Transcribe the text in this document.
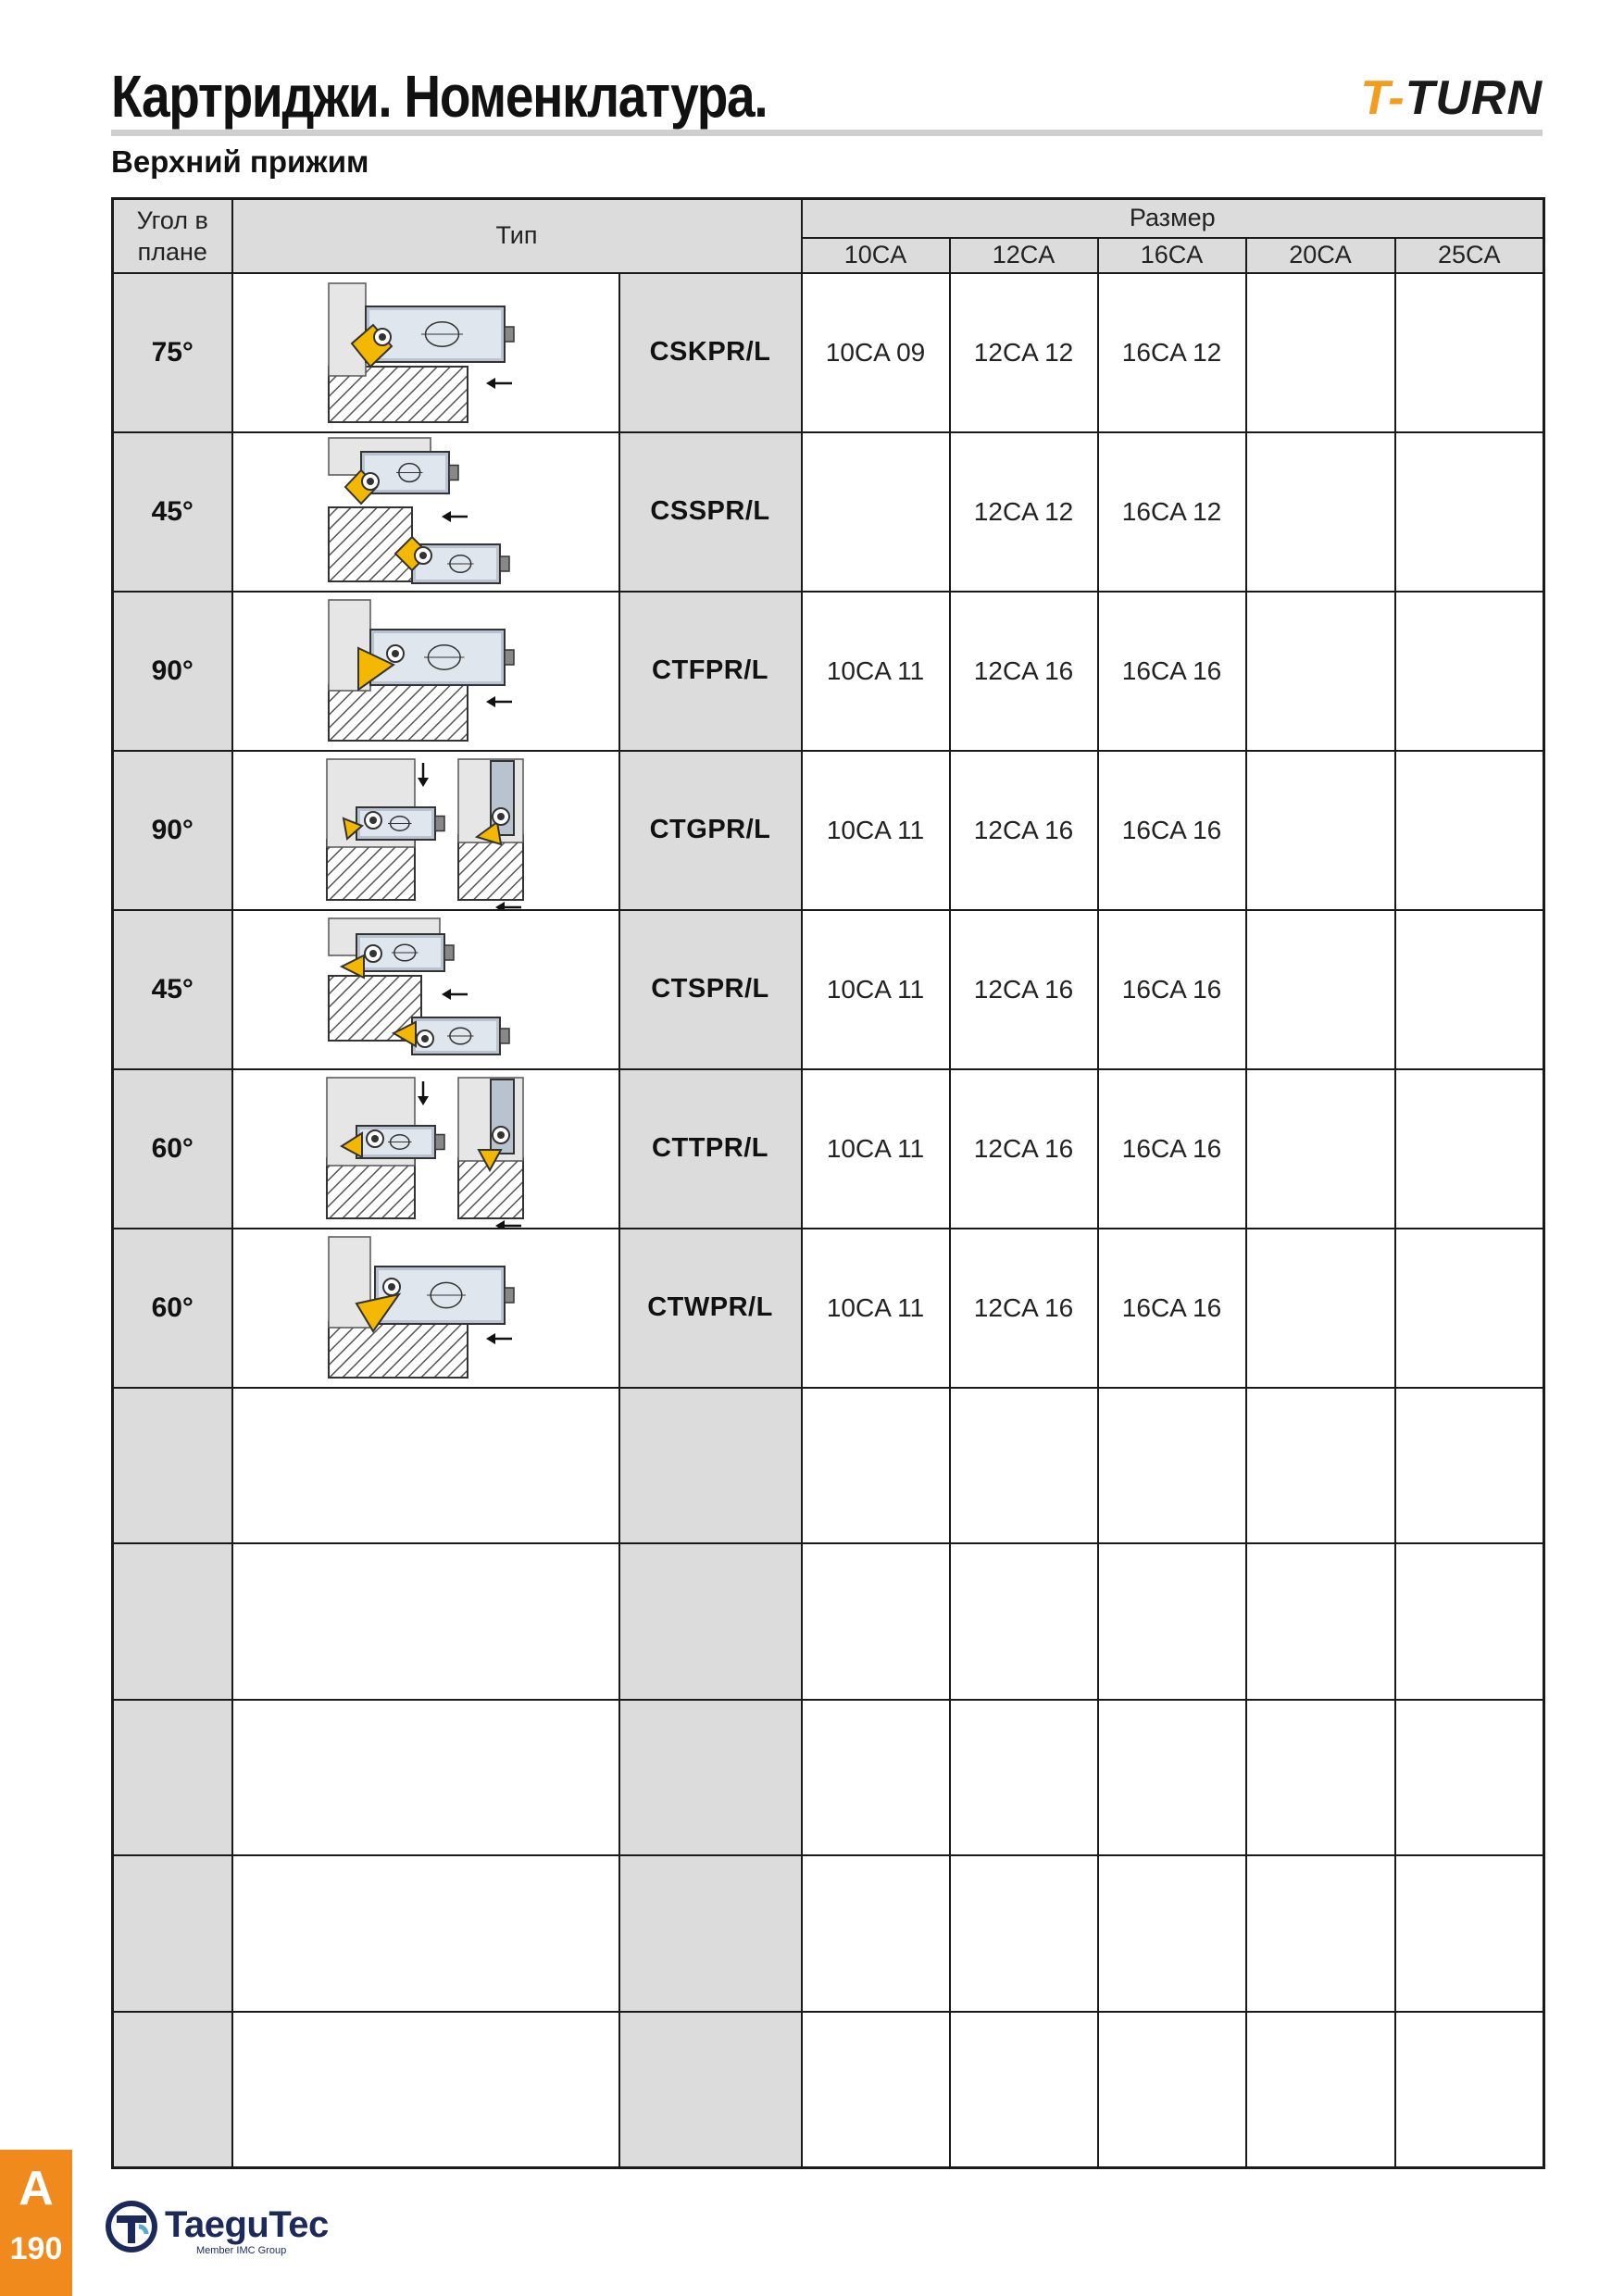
Картриджи. Номенклатура.	T-TURN
Верхний прижим
Угол в плане	Тип		Размер				
			10CA	12CA	16CA	20CA	25CA
75°		CSKPR/L	10CA 09	12CA 12	16CA 12		
45°		CSSPR/L		12CA 12	16CA 12		
90°		CTFPR/L	10CA 11	12CA 16	16CA 16		
90°		CTGPR/L	10CA 11	12CA 16	16CA 16		
45°		CTSPR/L	10CA 11	12CA 16	16CA 16		
60°		CTTPR/L	10CA 11	12CA 16	16CA 16		
60°		CTWPR/L	10CA 11	12CA 16	16CA 16		

A
190
TaeguTec
Member IMC Group
